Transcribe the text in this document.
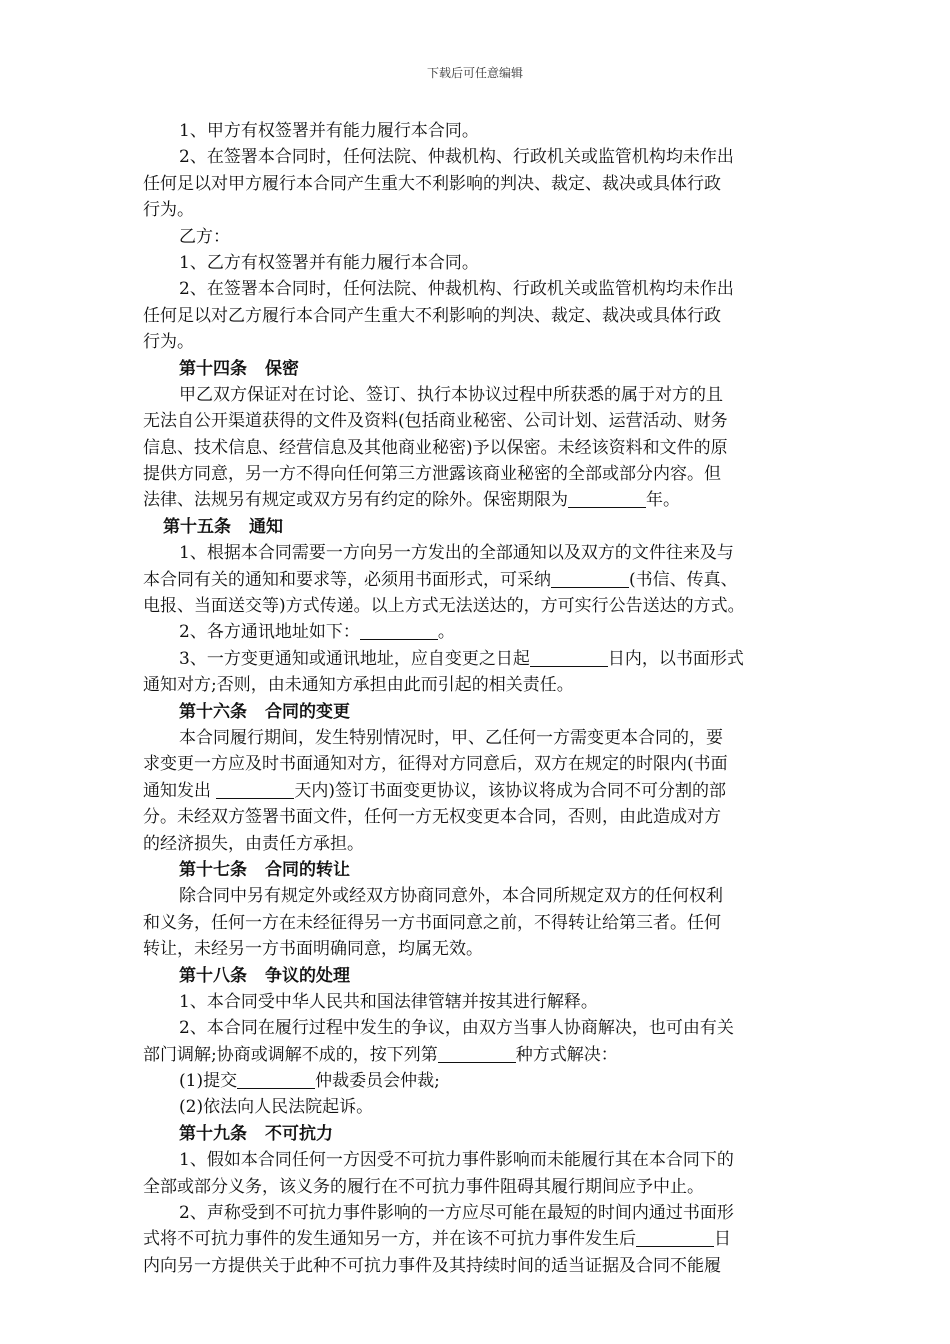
下载后可任意编辑
1、甲方有权签署并有能力履行本合同。
2、在签署本合同时，任何法院、仲裁机构、行政机关或监管机构均未作出
任何足以对甲方履行本合同产生重大不利影响的判决、裁定、裁决或具体行政
行为。
乙方：
1、乙方有权签署并有能力履行本合同。
2、在签署本合同时，任何法院、仲裁机构、行政机关或监管机构均未作出
任何足以对乙方履行本合同产生重大不利影响的判决、裁定、裁决或具体行政
行为。
第十四条 保密
甲乙双方保证对在讨论、签订、执行本协议过程中所获悉的属于对方的且
无法自公开渠道获得的文件及资料(包括商业秘密、公司计划、运营活动、财务
信息、技术信息、经营信息及其他商业秘密)予以保密。未经该资料和文件的原
提供方同意，另一方不得向任何第三方泄露该商业秘密的全部或部分内容。但
法律、法规另有规定或双方另有约定的除外。保密期限为	年。
第十五条 通知
1、根据本合同需要一方向另一方发出的全部通知以及双方的文件往来及与
本合同有关的通知和要求等，必须用书面形式，可采纳	(书信、传真、
电报、当面送交等)方式传递。以上方式无法送达的，方可实行公告送达的方式。
2、各方通讯地址如下：	。
3、一方变更通知或通讯地址，应自变更之日起	日内，以书面形式
通知对方;否则，由未通知方承担由此而引起的相关责任。
第十六条 合同的变更
本合同履行期间，发生特别情况时，甲、乙任何一方需变更本合同的，要
求变更一方应及时书面通知对方，征得对方同意后，双方在规定的时限内(书面
通知发出	天内)签订书面变更协议，该协议将成为合同不可分割的部
分。未经双方签署书面文件，任何一方无权变更本合同，否则，由此造成对方
的经济损失，由责任方承担。
第十七条 合同的转让
除合同中另有规定外或经双方协商同意外，本合同所规定双方的任何权利
和义务，任何一方在未经征得另一方书面同意之前，不得转让给第三者。任何
转让，未经另一方书面明确同意，均属无效。
第十八条 争议的处理
1、本合同受中华人民共和国法律管辖并按其进行解释。
2、本合同在履行过程中发生的争议，由双方当事人协商解决，也可由有关
部门调解;协商或调解不成的，按下列第	种方式解决：
(1)提交	仲裁委员会仲裁;
(2)依法向人民法院起诉。
第十九条 不可抗力
1、假如本合同任何一方因受不可抗力事件影响而未能履行其在本合同下的
全部或部分义务，该义务的履行在不可抗力事件阻碍其履行期间应予中止。
2、声称受到不可抗力事件影响的一方应尽可能在最短的时间内通过书面形
式将不可抗力事件的发生通知另一方，并在该不可抗力事件发生后	日
内向另一方提供关于此种不可抗力事件及其持续时间的适当证据及合同不能履
